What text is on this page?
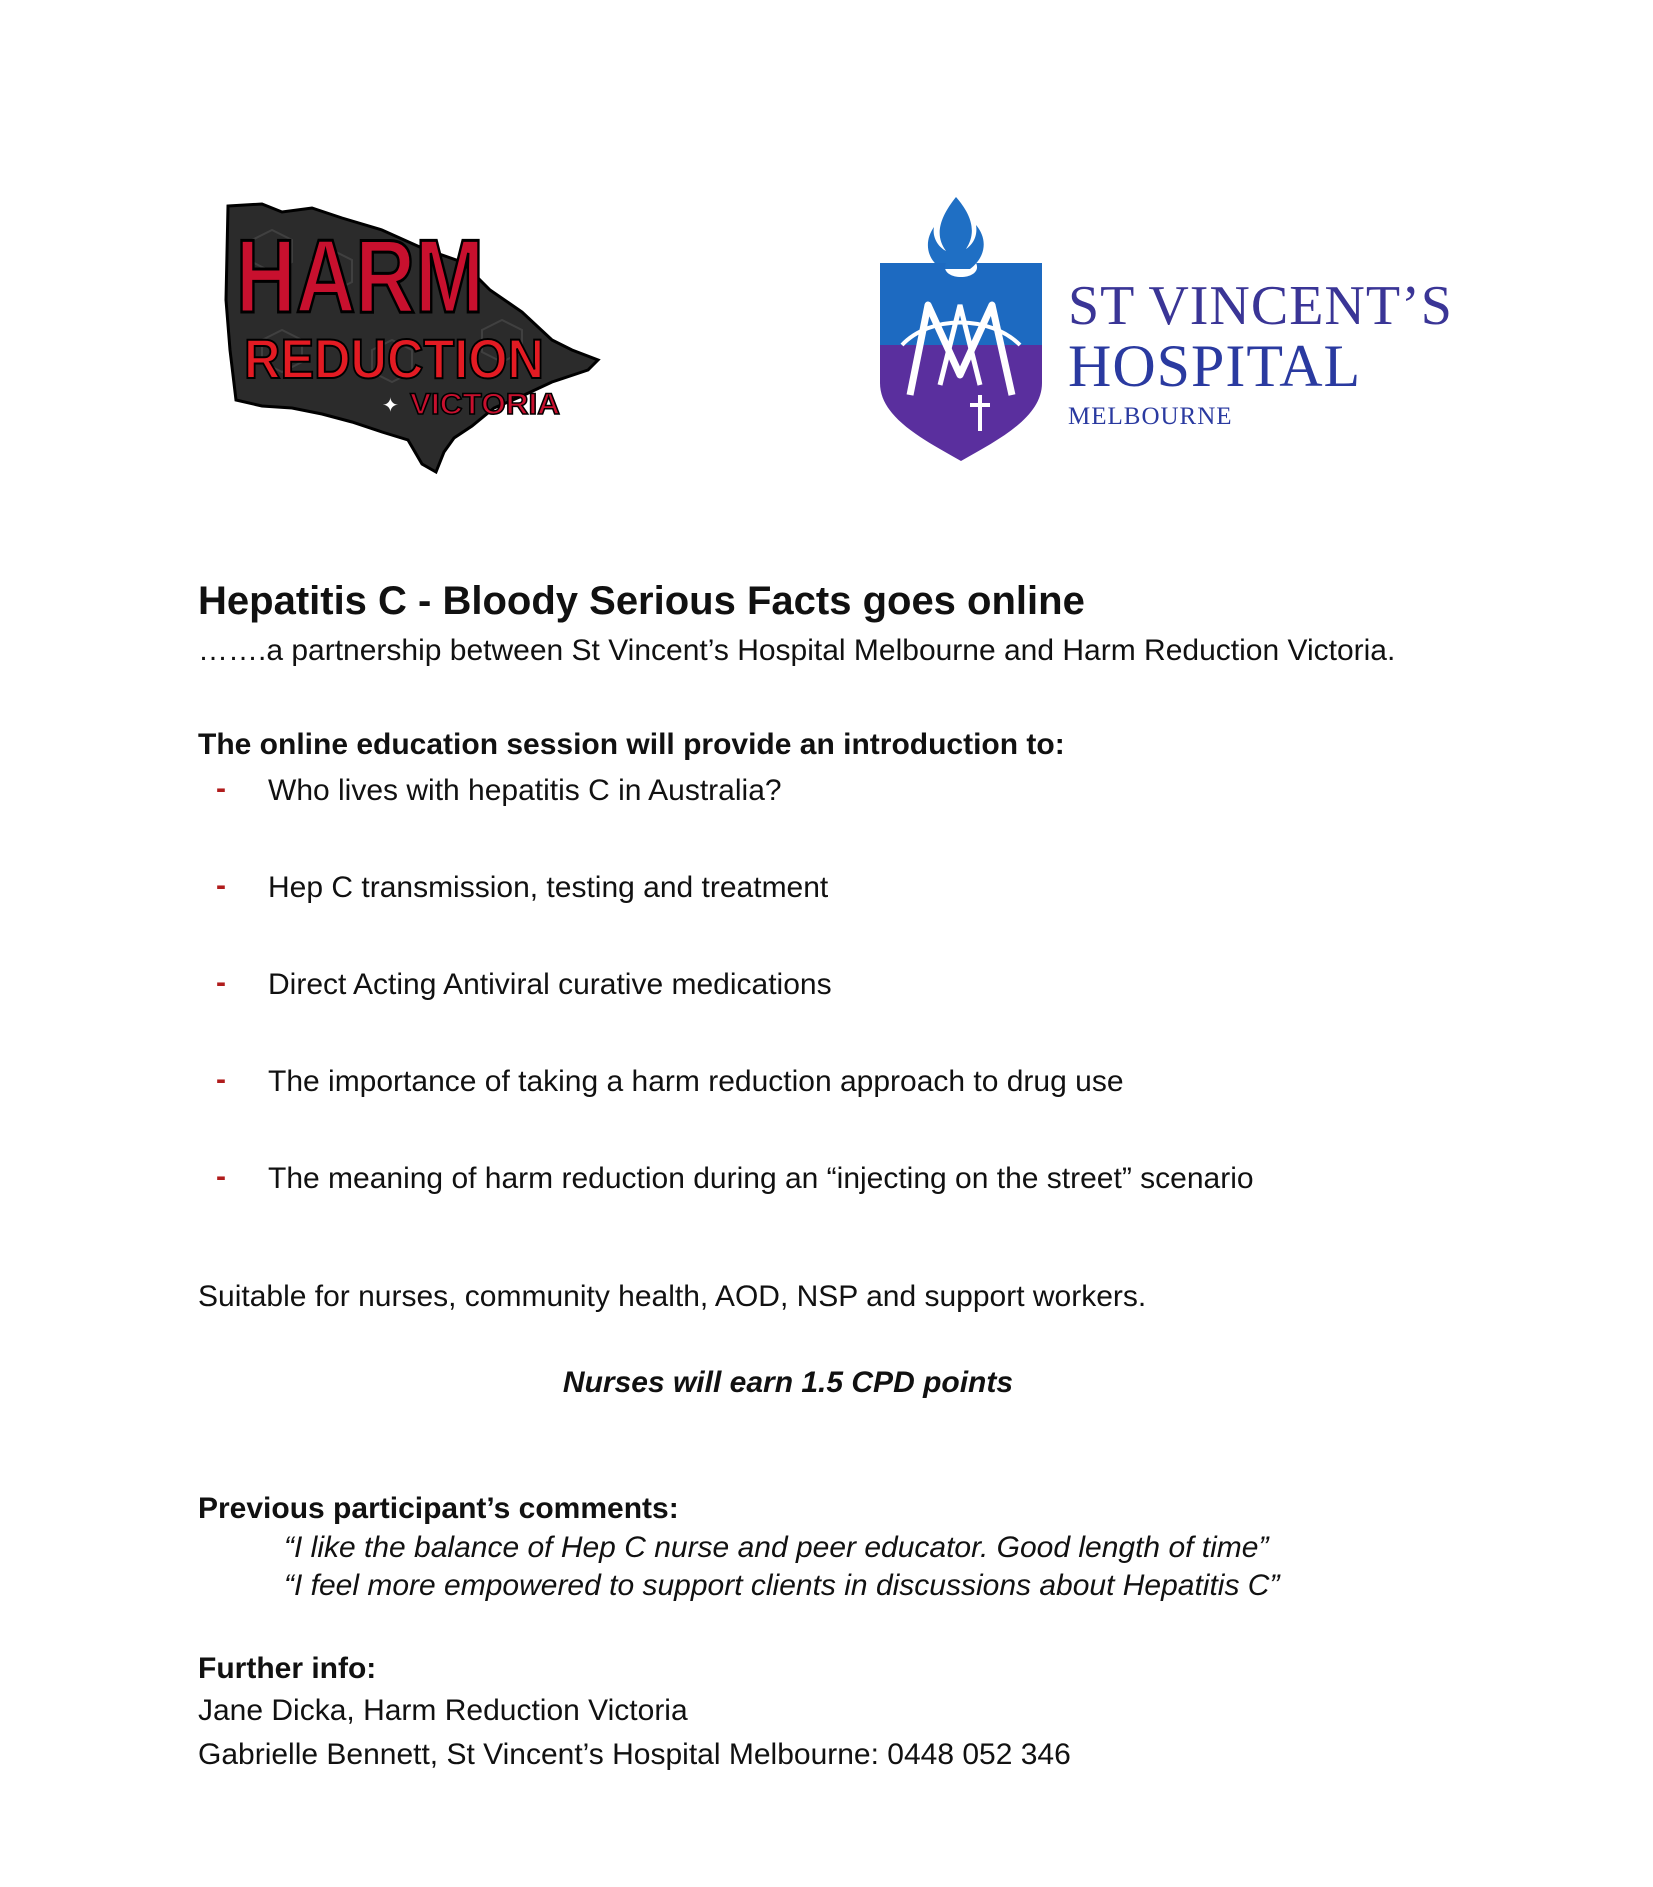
HARM
REDUCTION
VICTORIA
✦
ST VINCENT’S
HOSPITAL
MELBOURNE
Hepatitis C - Bloody Serious Facts goes online

…….a partnership between St Vincent’s Hospital Melbourne and Harm Reduction Victoria.

The online education session will provide an introduction to:

- Who lives with hepatitis C in Australia?
- Hep C transmission, testing and treatment
- Direct Acting Antiviral curative medications
- The importance of taking a harm reduction approach to drug use
- The meaning of harm reduction during an “injecting on the street” scenario

Suitable for nurses, community health, AOD, NSP and support workers.

Nurses will earn 1.5 CPD points

Previous participant’s comments:

“I like the balance of Hep C nurse and peer educator. Good length of time”

“I feel more empowered to support clients in discussions about Hepatitis C”

Further info:

Jane Dicka, Harm Reduction Victoria

Gabrielle Bennett, St Vincent’s Hospital Melbourne: 0448 052 346
